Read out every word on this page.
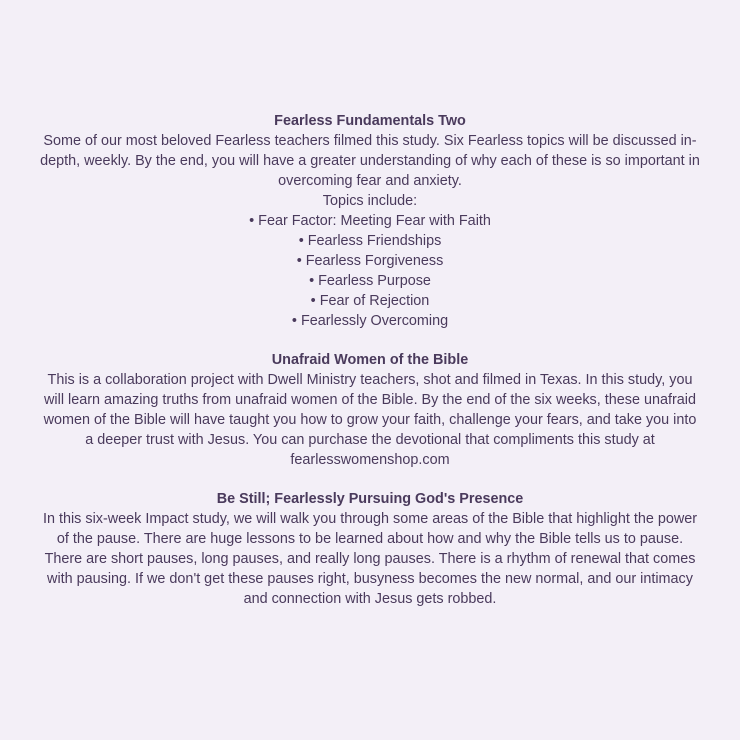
Fearless Fundamentals Two

Some of our most beloved Fearless teachers filmed this study. Six Fearless topics will be discussed in-depth, weekly. By the end, you will have a greater understanding of why each of these is so important in overcoming fear and anxiety.

Topics include:

• Fear Factor: Meeting Fear with Faith

• Fearless Friendships

• Fearless Forgiveness

• Fearless Purpose

• Fear of Rejection

• Fearlessly Overcoming

Unafraid Women of the Bible

This is a collaboration project with Dwell Ministry teachers, shot and filmed in Texas. In this study, you will learn amazing truths from unafraid women of the Bible. By the end of the six weeks, these unafraid women of the Bible will have taught you how to grow your faith, challenge your fears, and take you into a deeper trust with Jesus. You can purchase the devotional that compliments this study at fearlesswomenshop.com

Be Still; Fearlessly Pursuing God's Presence

In this six-week Impact study, we will walk you through some areas of the Bible that highlight the power of the pause. There are huge lessons to be learned about how and why the Bible tells us to pause. There are short pauses, long pauses, and really long pauses. There is a rhythm of renewal that comes with pausing. If we don't get these pauses right, busyness becomes the new normal, and our intimacy and connection with Jesus gets robbed.
